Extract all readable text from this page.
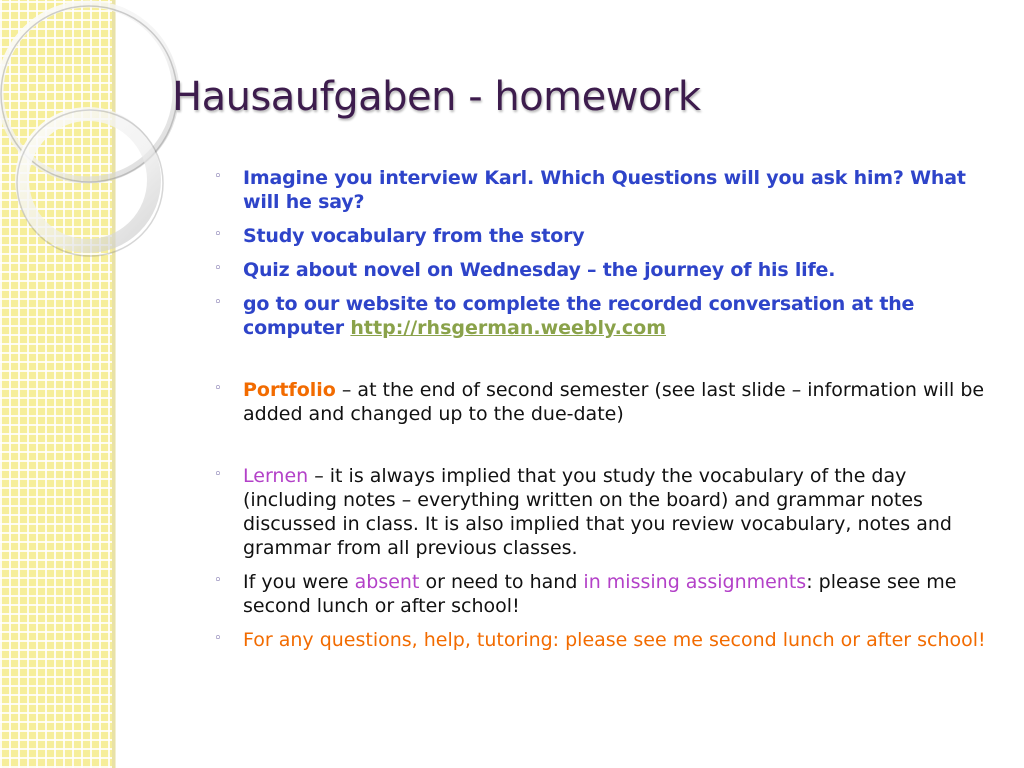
Hausaufgaben - homework
◦ Imagine you interview Karl. Which Questions will you ask him? What will he say?
◦ Study vocabulary from the story
◦ Quiz about novel on Wednesday – the journey of his life.
◦ go to our website to complete the recorded conversation at the computer http://rhsgerman.weebly.com
◦ Portfolio – at the end of second semester (see last slide – information will be added and changed up to the due-date)
◦ Lernen – it is always implied that you study the vocabulary of the day (including notes – everything written on the board) and grammar notes discussed in class. It is also implied that you review vocabulary, notes and grammar from all previous classes.
◦ If you were absent or need to hand in missing assignments: please see me second lunch or after school!
◦ For any questions, help, tutoring: please see me second lunch or after school!
